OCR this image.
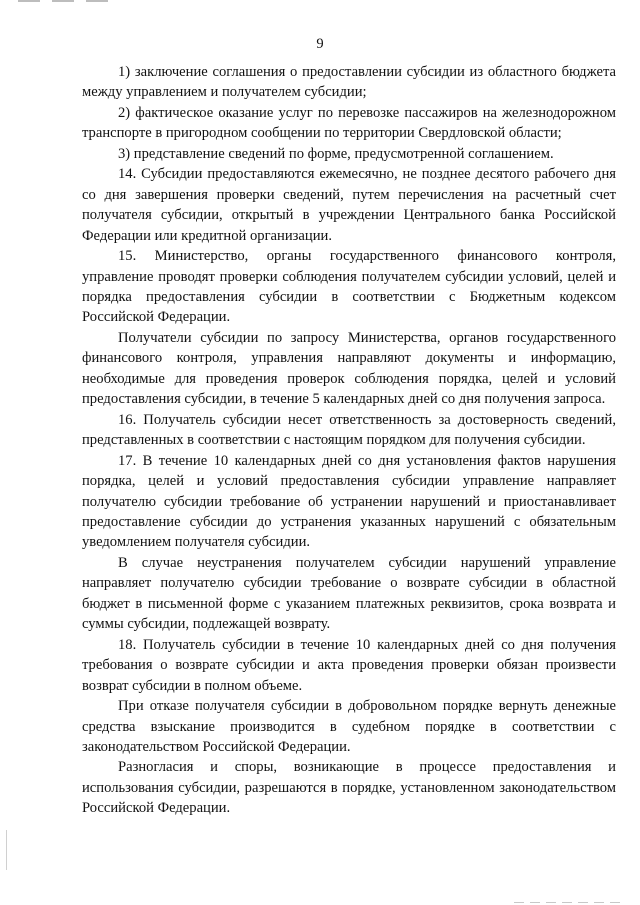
9

1) заключение соглашения о предоставлении субсидии из областного бюджета между управлением и получателем субсидии;

2) фактическое оказание услуг по перевозке пассажиров на железнодорожном транспорте в пригородном сообщении по территории Свердловской области;

3) представление сведений по форме, предусмотренной соглашением.

14. Субсидии предоставляются ежемесячно, не позднее десятого рабочего дня со дня завершения проверки сведений, путем перечисления на расчетный счет получателя субсидии, открытый в учреждении Центрального банка Российской Федерации или кредитной организации.

15. Министерство, органы государственного финансового контроля, управление проводят проверки соблюдения получателем субсидии условий, целей и порядка предоставления субсидии в соответствии с Бюджетным кодексом Российской Федерации.

Получатели субсидии по запросу Министерства, органов государственного финансового контроля, управления направляют документы и информацию, необходимые для проведения проверок соблюдения порядка, целей и условий предоставления субсидии, в течение 5 календарных дней со дня получения запроса.

16. Получатель субсидии несет ответственность за достоверность сведений, представленных в соответствии с настоящим порядком для получения субсидии.

17. В течение 10 календарных дней со дня установления фактов нарушения порядка, целей и условий предоставления субсидии управление направляет получателю субсидии требование об устранении нарушений и приостанавливает предоставление субсидии до устранения указанных нарушений с обязательным уведомлением получателя субсидии.

В случае неустранения получателем субсидии нарушений управление направляет получателю субсидии требование о возврате субсидии в областной бюджет в письменной форме с указанием платежных реквизитов, срока возврата и суммы субсидии, подлежащей возврату.

18. Получатель субсидии в течение 10 календарных дней со дня получения требования о возврате субсидии и акта проведения проверки обязан произвести возврат субсидии в полном объеме.

При отказе получателя субсидии в добровольном порядке вернуть денежные средства взыскание производится в судебном порядке в соответствии с законодательством Российской Федерации.

Разногласия и споры, возникающие в процессе предоставления и использования субсидии, разрешаются в порядке, установленном законодательством Российской Федерации.
